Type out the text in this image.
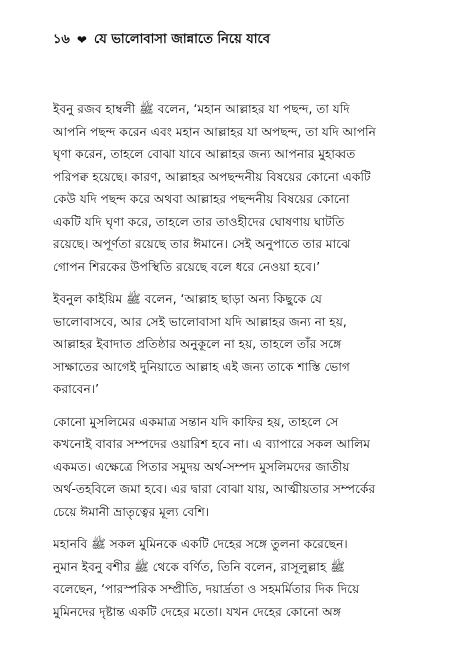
১৬ ❤ যে ভালোবাসা জান্নাতে নিয়ে যাবে
ইবনু রজব হাম্বলী ﷺ বলেন, ‘মহান আল্লাহর যা পছন্দ, তা যদি
আপনি পছন্দ করেন এবং মহান আল্লাহর যা অপছন্দ, তা যদি আপনি
ঘৃণা করেন, তাহলে বোঝা যাবে আল্লাহর জন্য আপনার মুহাব্বত
পরিপক্ব হয়েছে। কারণ, আল্লাহর অপছন্দনীয় বিষয়ের কোনো একটি
কেউ যদি পছন্দ করে অথবা আল্লাহর পছন্দনীয় বিষয়ের কোনো
একটি যদি ঘৃণা করে, তাহলে তার তাওহীদের ঘোষণায় ঘাটতি
রয়েছে। অপূর্ণতা রয়েছে তার ঈমানে। সেই অনুপাতে তার মাঝে
গোপন শিরকের উপস্থিতি রয়েছে বলে ধরে নেওয়া হবে।’
ইবনুল কাইয়িম ﷺ বলেন, ‘আল্লাহ ছাড়া অন্য কিছুকে যে
ভালোবাসবে, আর সেই ভালোবাসা যদি আল্লাহর জন্য না হয়,
আল্লাহর ইবাদাত প্রতিষ্ঠার অনুকূলে না হয়, তাহলে তাঁর সঙ্গে
সাক্ষাতের আগেই দুনিয়াতে আল্লাহ এই জন্য তাকে শাস্তি ভোগ
করাবেন।’
কোনো মুসলিমের একমাত্র সন্তান যদি কাফির হয়, তাহলে সে
কখনোই বাবার সম্পদের ওয়ারিশ হবে না। এ ব্যাপারে সকল আলিম
একমত। এক্ষেত্রে পিতার সমুদয় অর্থ-সম্পদ মুসলিমদের জাতীয়
অর্থ-তহবিলে জমা হবে। এর দ্বারা বোঝা যায়, আত্মীয়তার সম্পর্কের
চেয়ে ঈমানী ভ্রাতৃত্বের মূল্য বেশি।
মহানবি ﷺ সকল মুমিনকে একটি দেহের সঙ্গে তুলনা করেছেন।
নুমান ইবনু বশীর ﷺ থেকে বর্ণিত, তিনি বলেন, রাসূলুল্লাহ ﷺ
বলেছেন, ‘পারস্পরিক সম্প্রীতি, দয়ার্দ্রতা ও সহমর্মিতার দিক দিয়ে
মুমিনদের দৃষ্টান্ত একটি দেহের মতো। যখন দেহের কোনো অঙ্গ
